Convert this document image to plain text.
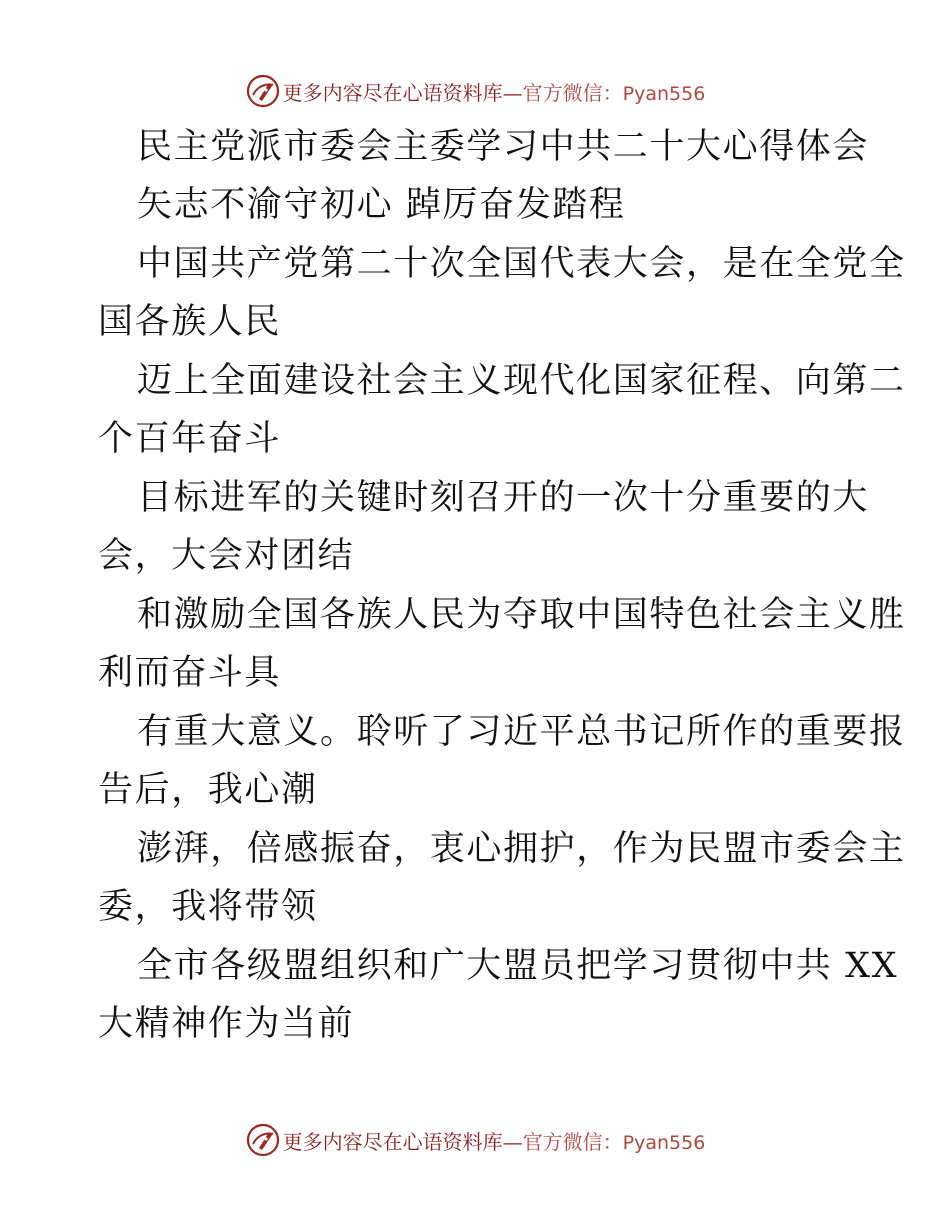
更多内容尽在心语资料库—官方微信：Pyan556
民主党派市委会主委学习中共二十大心得体会
矢志不渝守初心 踔厉奋发踏程
中国共产党第二十次全国代表大会，是在全党全
国各族人民
迈上全面建设社会主义现代化国家征程、向第二
个百年奋斗
目标进军的关键时刻召开的一次十分重要的大
会，大会对团结
和激励全国各族人民为夺取中国特色社会主义胜
利而奋斗具
有重大意义。聆听了习近平总书记所作的重要报
告后，我心潮
澎湃，倍感振奋，衷心拥护，作为民盟市委会主
委，我将带领
全市各级盟组织和广大盟员把学习贯彻中共 XX
大精神作为当前
更多内容尽在心语资料库—官方微信：Pyan556
